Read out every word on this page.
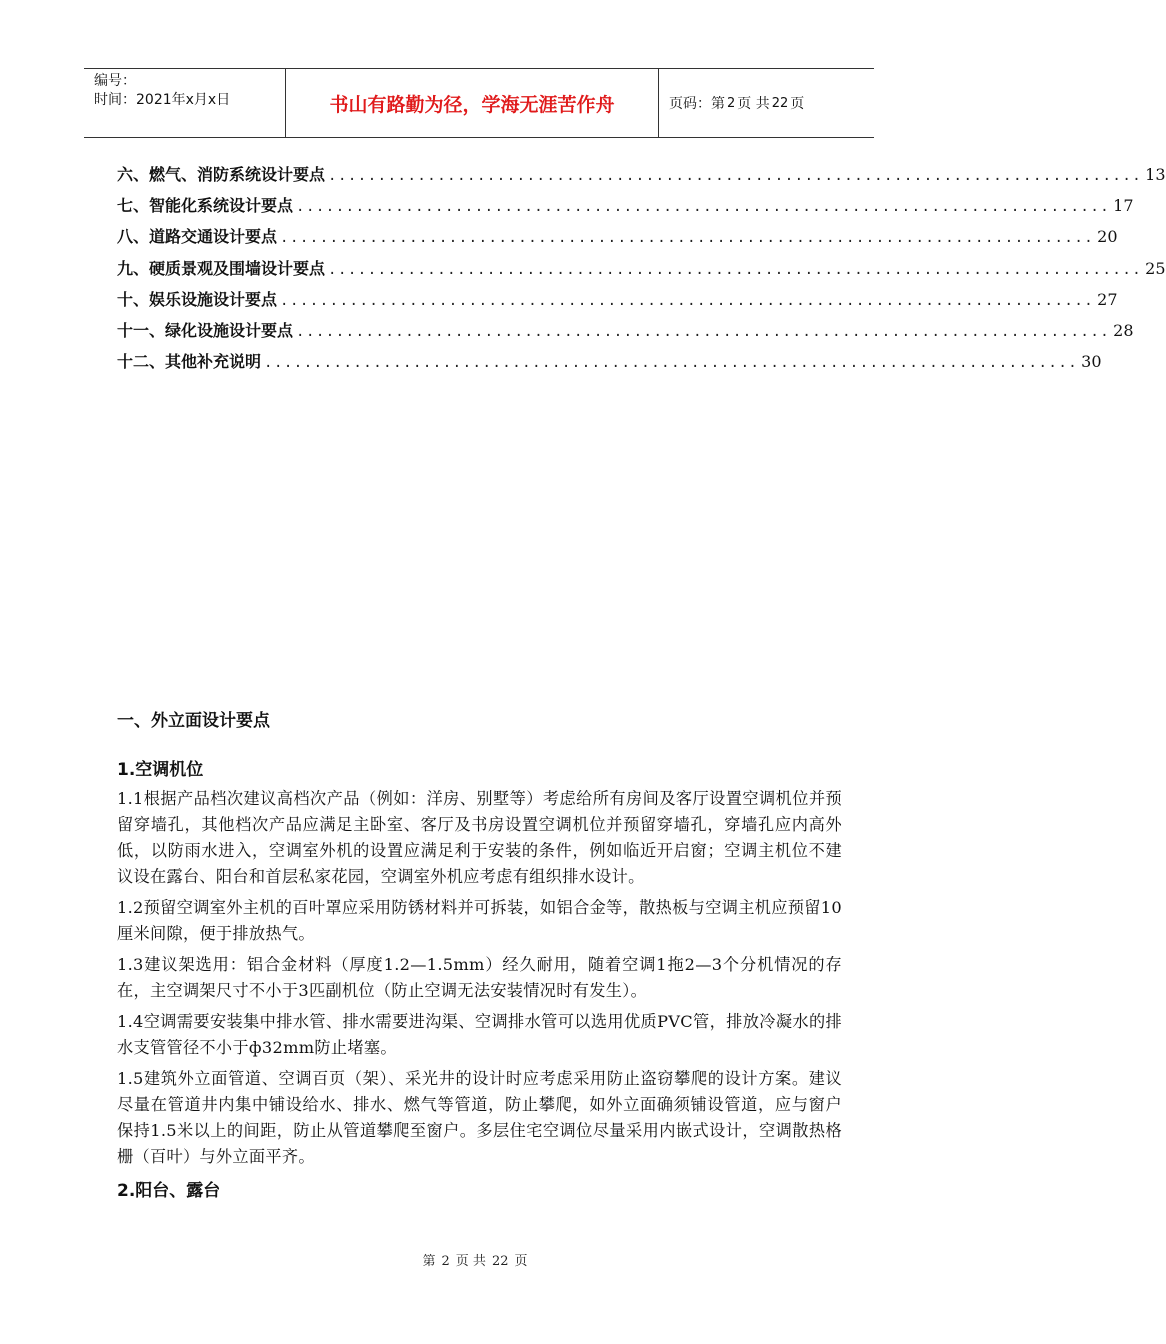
编号：
时间：2021年x月x日	书山有路勤为径，学海无涯苦作舟	页码：第 2 页 共 22 页
六、燃气、消防系统设计要点 .................................................................................. 13
七、智能化系统设计要点 .................................................................................. 17
八、道路交通设计要点 .................................................................................. 20
九、硬质景观及围墙设计要点 .................................................................................. 25
十、娱乐设施设计要点 .................................................................................. 27
十一、绿化设施设计要点 .................................................................................. 28
十二、其他补充说明 .................................................................................. 30
一、外立面设计要点
1.空调机位

1.1根据产品档次建议高档次产品（例如：洋房、别墅等）考虑给所有房间及客厅设置空调机位并预留穿墙孔，其他档次产品应满足主卧室、客厅及书房设置空调机位并预留穿墙孔，穿墙孔应内高外低，以防雨水进入，空调室外机的设置应满足利于安装的条件，例如临近开启窗；空调主机位不建议设在露台、阳台和首层私家花园，空调室外机应考虑有组织排水设计。

1.2预留空调室外主机的百叶罩应采用防锈材料并可拆装，如铝合金等，散热板与空调主机应预留10厘米间隙，便于排放热气。

1.3建议架选用：铝合金材料（厚度1.2—1.5mm）经久耐用，随着空调1拖2—3个分机情况的存在，主空调架尺寸不小于3匹副机位（防止空调无法安装情况时有发生）。

1.4空调需要安装集中排水管、排水需要进沟渠、空调排水管可以选用优质PVC管，排放冷凝水的排水支管管径不小于ф32mm防止堵塞。

1.5建筑外立面管道、空调百页（架）、采光井的设计时应考虑采用防止盗窃攀爬的设计方案。建议尽量在管道井内集中铺设给水、排水、燃气等管道，防止攀爬，如外立面确须铺设管道，应与窗户保持1.5米以上的间距，防止从管道攀爬至窗户。多层住宅空调位尽量采用内嵌式设计，空调散热格栅（百叶）与外立面平齐。

2.阳台、露台
第 2 页 共 22 页
